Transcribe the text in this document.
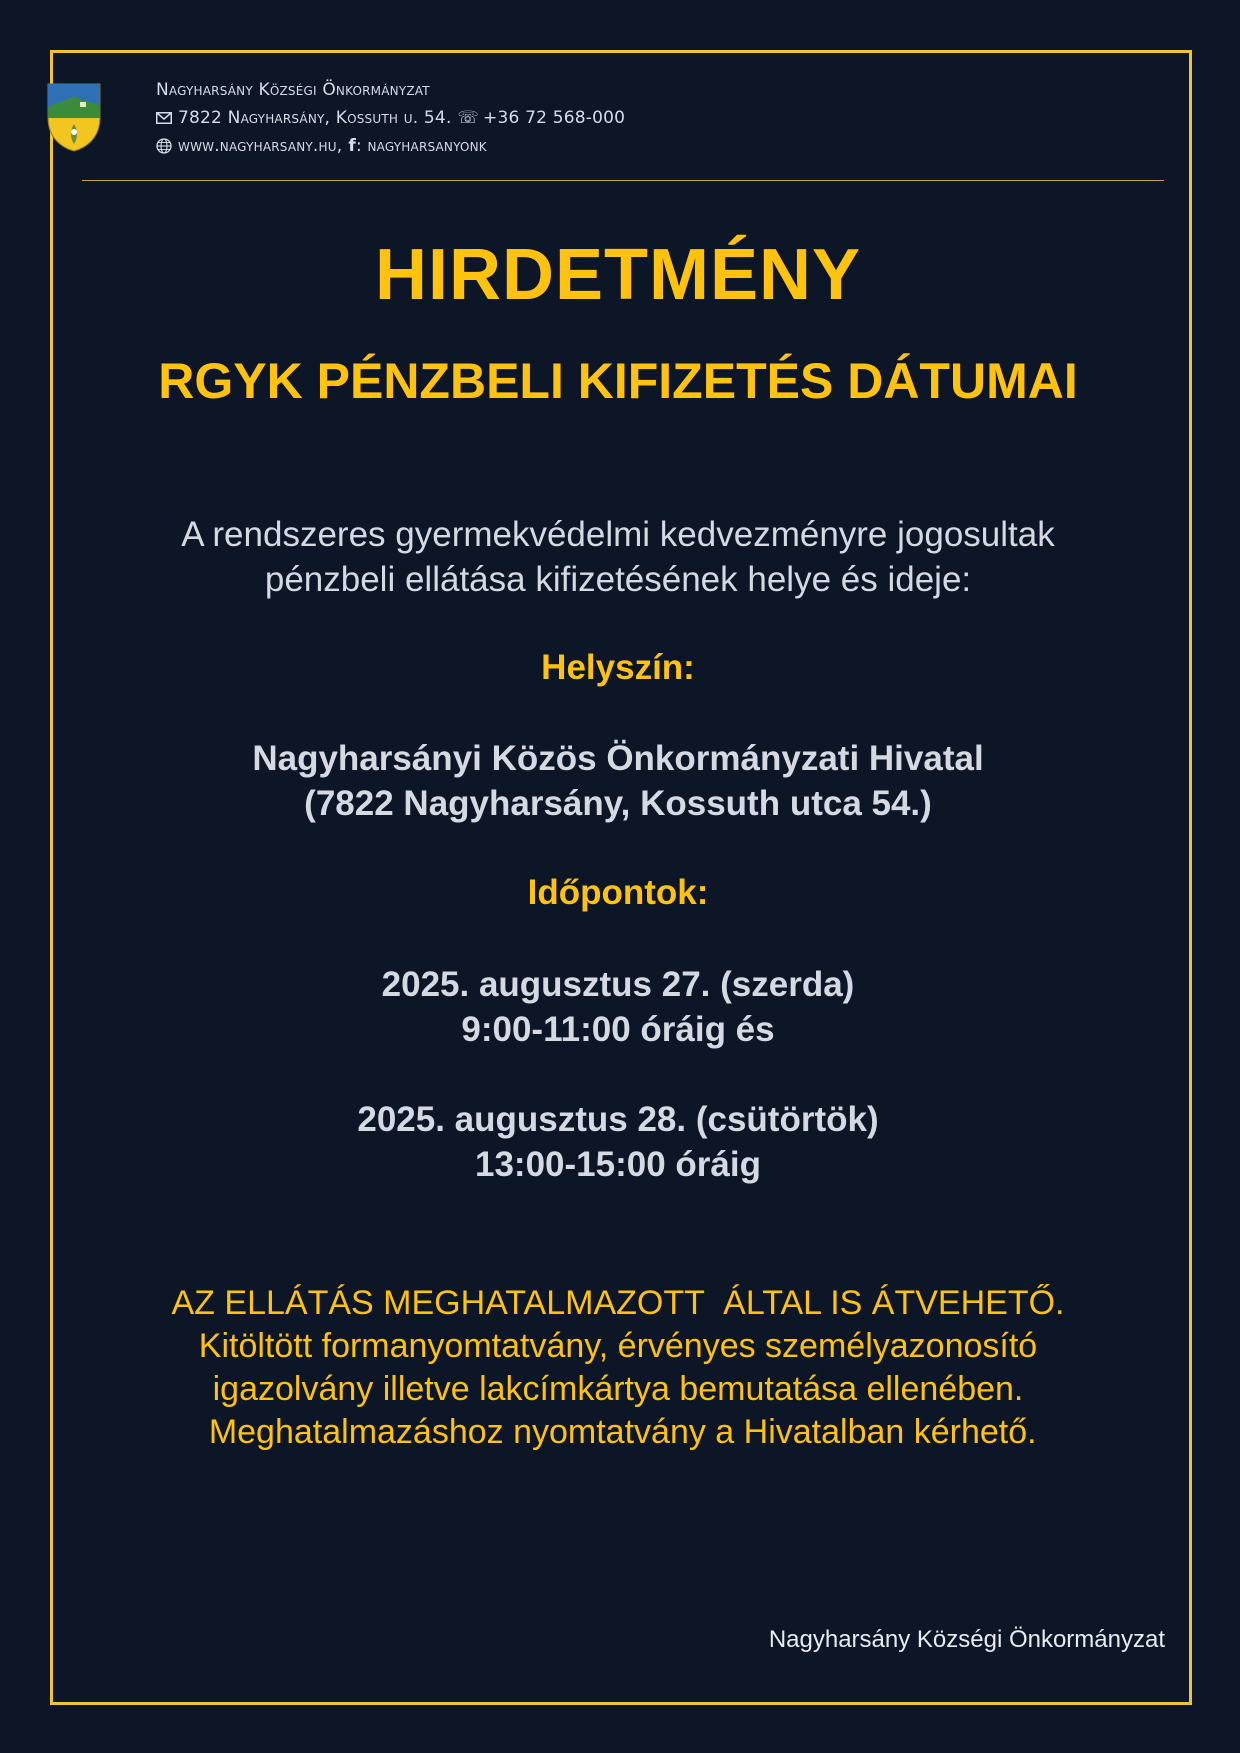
Nagyharsány Községi Önkormányzat
7822 Nagyharsány, Kossuth u. 54. ☏ +36 72 568-000
www.nagyharsany.hu, f : nagyharsanyonk
HIRDETMÉNY
RGYK PÉNZBELI KIFIZETÉS DÁTUMAI
A rendszeres gyermekvédelmi kedvezményre jogosultak
pénzbeli ellátása kifizetésének helye és ideje:
Helyszín:
Nagyharsányi Közös Önkormányzati Hivatal
(7822 Nagyharsány, Kossuth utca 54.)
Időpontok:
2025. augusztus 27. (szerda)
9:00-11:00 óráig és
2025. augusztus 28. (csütörtök)
13:00-15:00 óráig
AZ ELLÁTÁS MEGHATALMAZOTT  ÁLTAL IS ÁTVEHETŐ.
Kitöltött formanyomtatvány, érvényes személyazonosító
igazolvány illetve lakcímkártya bemutatása ellenében.
Meghatalmazáshoz nyomtatvány a Hivatalban kérhető.
Nagyharsány Községi Önkormányzat
